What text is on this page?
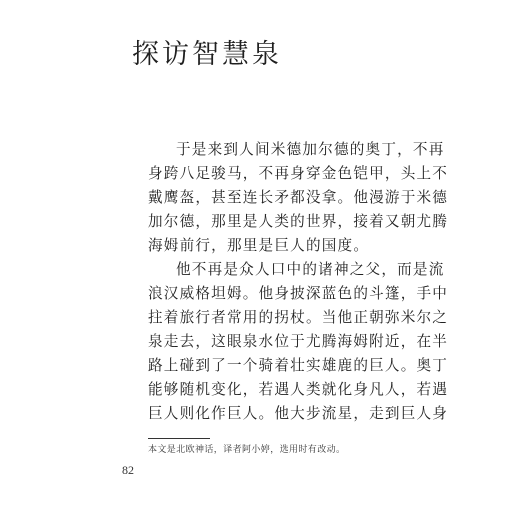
探访智慧泉
于是来到人间米德加尔德的奥丁，不再
身跨八足骏马，不再身穿金色铠甲，头上不
戴鹰盔，甚至连长矛都没拿。他漫游于米德
加尔德，那里是人类的世界，接着又朝尤腾
海姆前行，那里是巨人的国度。
他不再是众人口中的诸神之父，而是流
浪汉威格坦姆。他身披深蓝色的斗篷，手中
拄着旅行者常用的拐杖。当他正朝弥米尔之
泉走去，这眼泉水位于尤腾海姆附近，在半
路上碰到了一个骑着壮实雄鹿的巨人。奥丁
能够随机变化，若遇人类就化身凡人，若遇
巨人则化作巨人。他大步流星，走到巨人身
本文是北欧神话，译者阿小婷，选用时有改动。
82
